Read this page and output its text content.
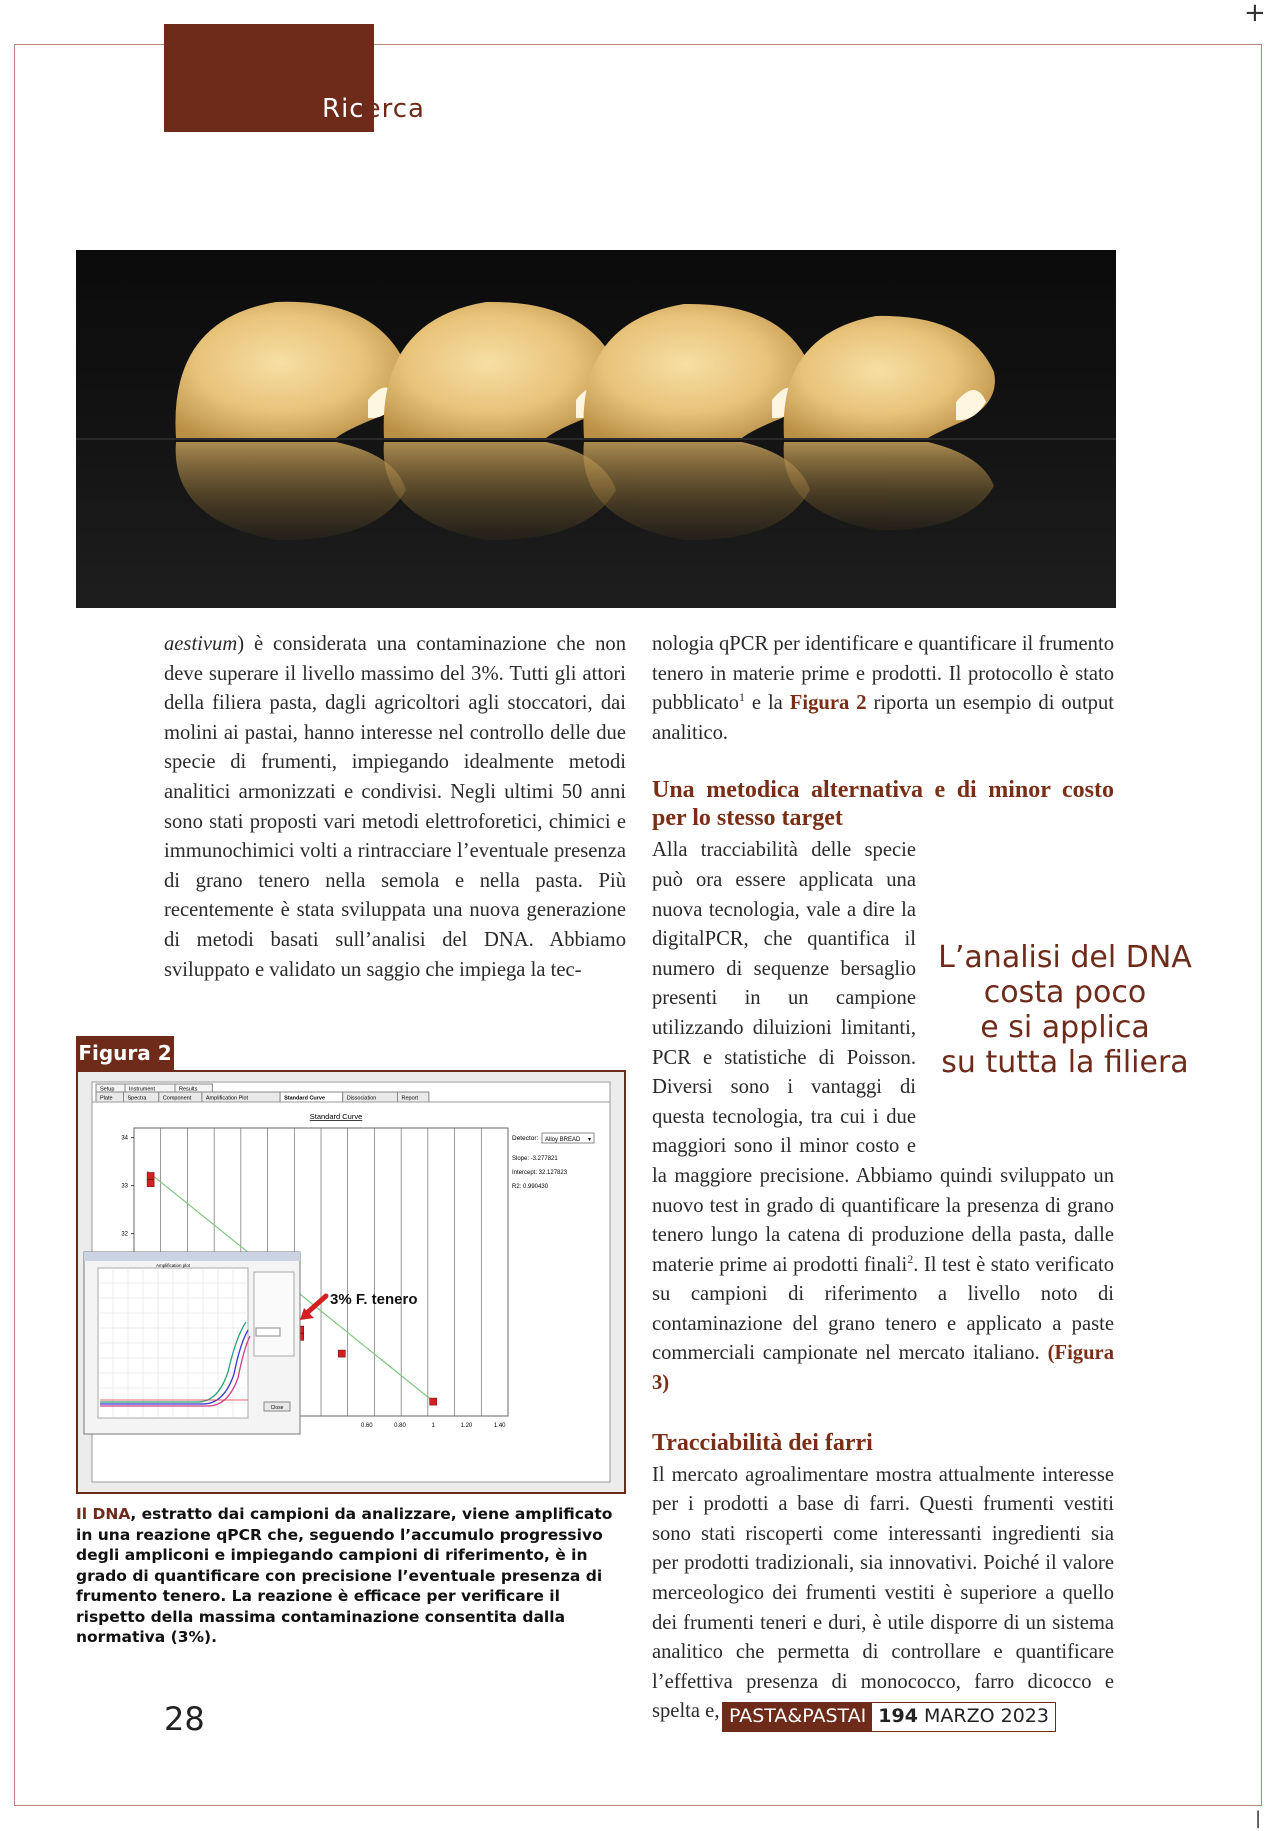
+
|
Ricerca

aestivum) è considerata una contaminazione che non deve superare il livello massimo del 3%. Tutti gli attori della filiera pasta, dagli agricoltori agli stoccatori, dai molini ai pastai, hanno interesse nel controllo delle due specie di frumenti, impiegando idealmente metodi analitici armonizzati e condivisi. Negli ultimi 50 anni sono stati proposti vari metodi elettroforetici, chimici e immunochimici volti a rintracciare l’eventuale presenza di grano tenero nella semola e nella pasta. Più recentemente è stata sviluppata una nuova generazione di metodi basati sull’analisi del DNA. Abbiamo sviluppato e validato un saggio che impiega la tec-

nologia qPCR per identificare e quantificare il frumento tenero in materie prime e prodotti. Il protocollo è stato pubblicato$^1$ e la Figura 2 riporta un esempio di output analitico.

Una metodica alternativa e di minor costo per lo stesso target

Alla tracciabilità delle specie può ora essere applicata una nuova tecnologia, vale a dire la digitalPCR, che quantifica il numero di sequenze bersaglio presenti in un campione utilizzando diluizioni limitanti, PCR e statistiche di Poisson. Diversi sono i vantaggi di questa tecnologia, tra cui i due maggiori sono il minor costo e la maggiore precisione. Abbiamo quindi sviluppato un nuovo test in grado di quantificare la presenza di grano tenero lungo la catena di produzione della pasta, dalle materie prime ai prodotti finali$^2$. Il test è stato verificato su campioni di riferimento a livello noto di contaminazione del grano tenero e applicato a paste commerciali campionate nel mercato italiano. (Figura 3)

Tracciabilità dei farri

Il mercato agroalimentare mostra attualmente interesse per i prodotti a base di farri. Questi frumenti vestiti sono stati riscoperti come interessanti ingredienti sia per prodotti tradizionali, sia innovativi. Poiché il valore merceologico dei frumenti vestiti è superiore a quello dei frumenti teneri e duri, è utile disporre di un sistema analitico che permetta di controllare e quantificare l’effettiva presenza di monococco, farro dicocco e spelta e,

L’analisi del DNA
costa poco
e si applica
su tutta la filiera
Figura 2
Setup	Instrument	Results
Plate	Spectra	Component	Amplification Plot	Standard Curve	Dissociation	Report
Standard Curve
34
33
32
0.60	0.80	1	1.20	1.40
Detector: Alloy BREAD ▾
Slope: -3.277821
Intercept: 32.127823
R2: 0.990430
Amplification plot
Close
3% F. tenero
Il DNA, estratto dai campioni da analizzare, viene amplificato in una reazione qPCR che, seguendo l’accumulo progressivo degli ampliconi e impiegando campioni di riferimento, è in grado di quantificare con precisione l’eventuale presenza di frumento tenero. La reazione è efficace per verificare il rispetto della massima contaminazione consentita dalla normativa (3%).
28	PASTA&PASTAI 194 MARZO 2023
